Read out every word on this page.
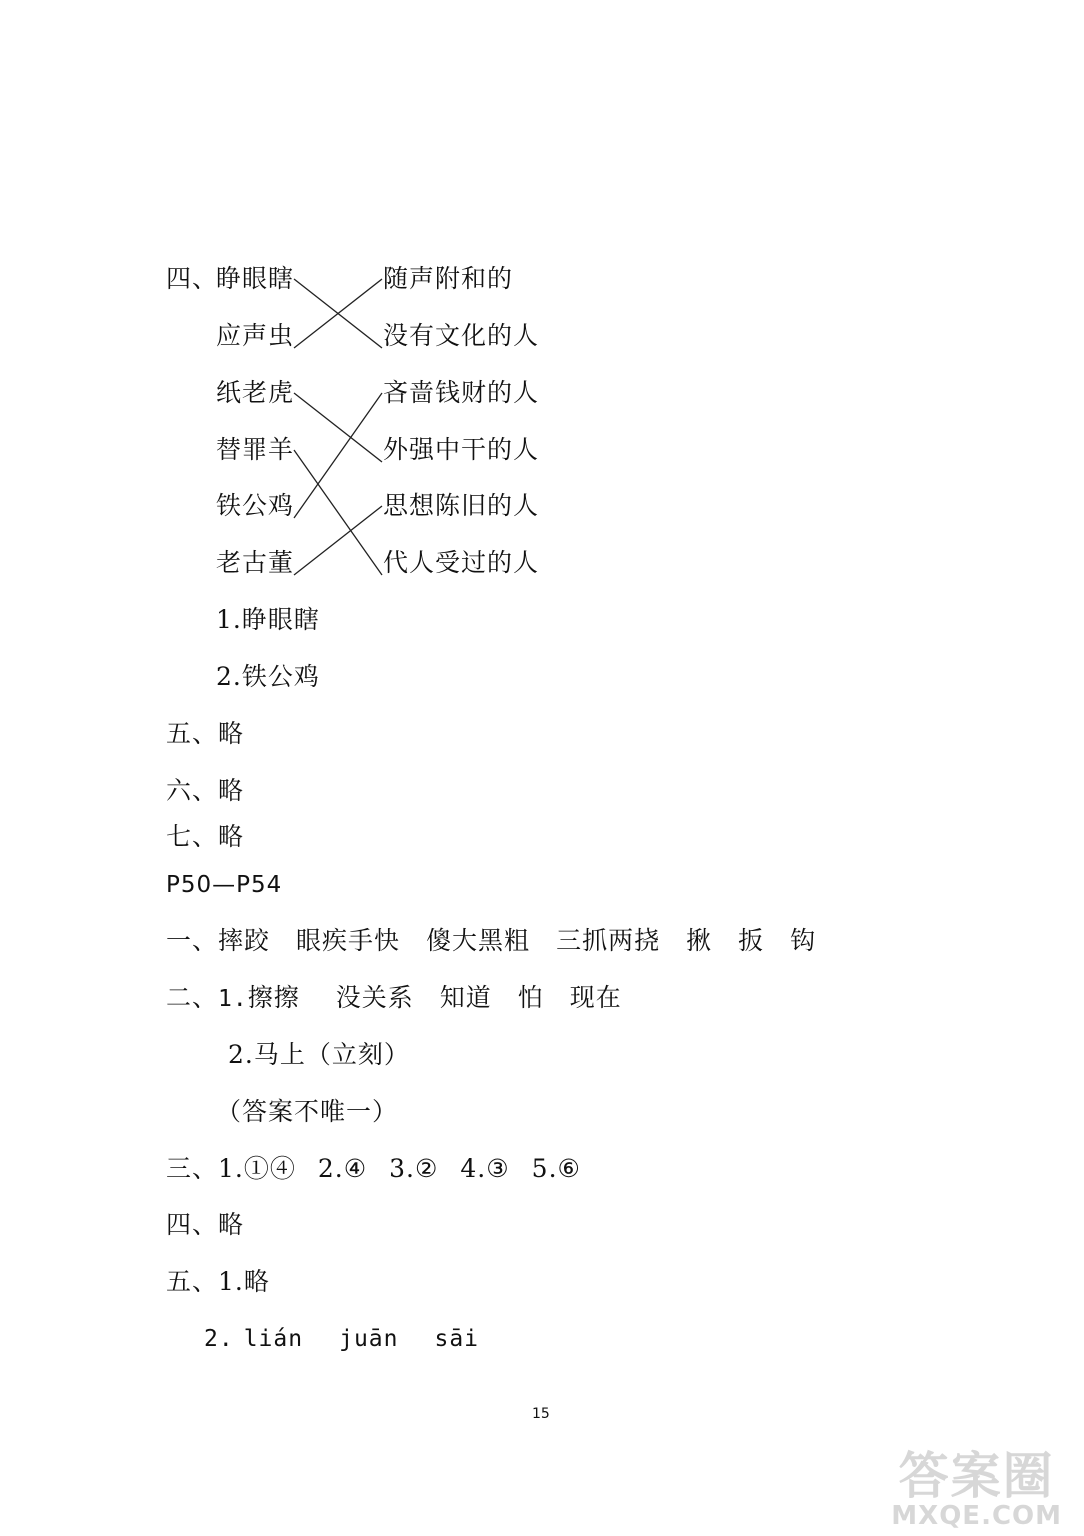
四、
睁眼瞎
应声虫
纸老虎
替罪羊
铁公鸡
老古董
随声附和的
没有文化的人
吝啬钱财的人
外强中干的人
思想陈旧的人
代人受过的人
1.睁眼瞎
2.铁公鸡
五、略
六、略
七、略
P50—P54
一、摔跤 眼疾手快 傻大黑粗 三抓两挠 揪 扳 钩
二、1.擦擦 没关系 知道 怕 现在
2.马上（立刻）
（答案不唯一）
三、1.①④ 2.④ 3.② 4.③ 5.⑥
四、略
五、1.略
2. lián juān sāi
15
答案圈
MXQE.COM
